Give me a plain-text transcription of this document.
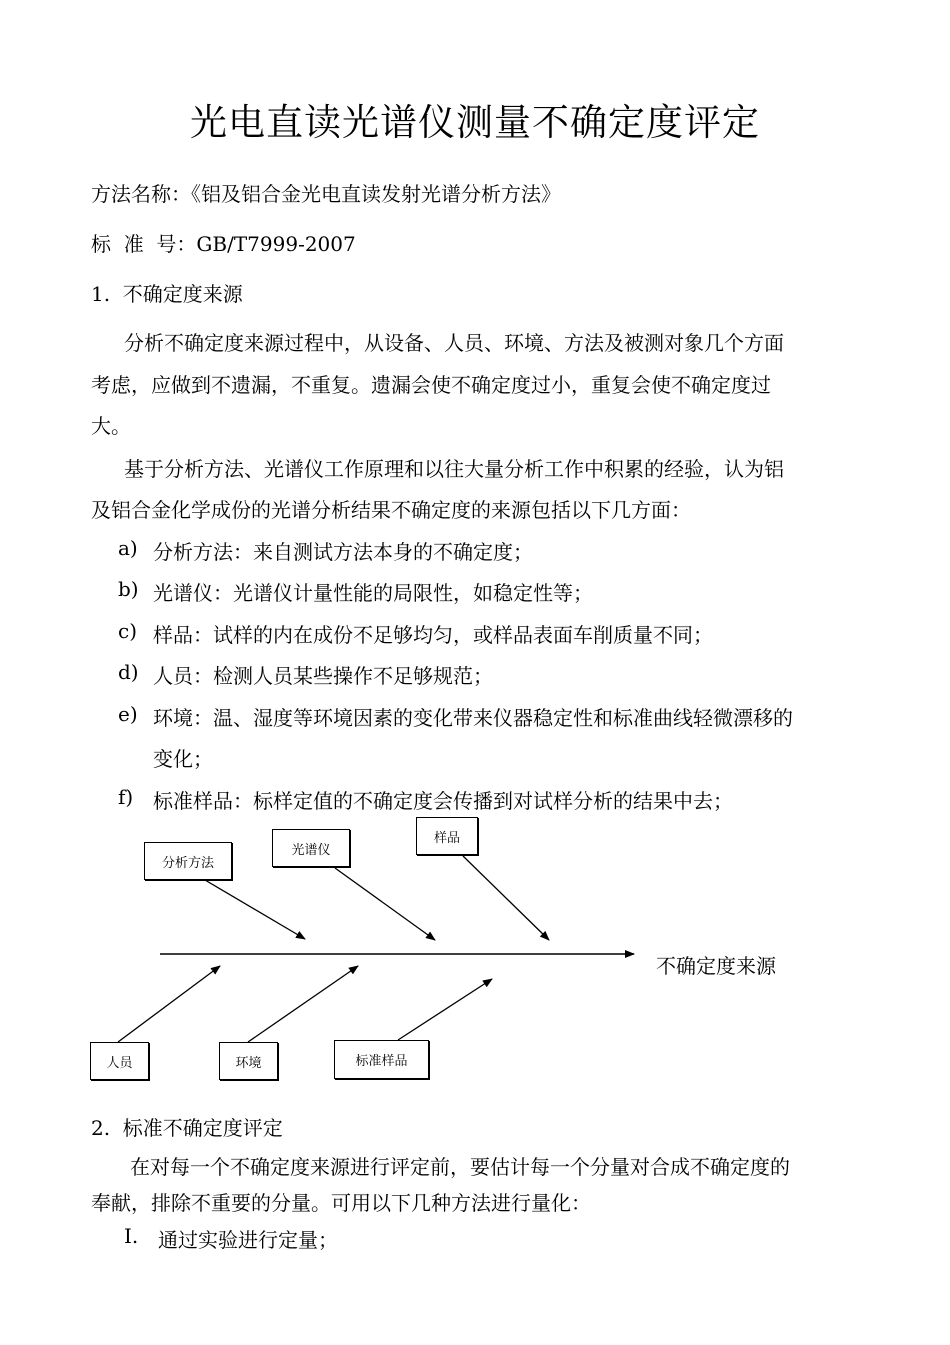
光电直读光谱仪测量不确定度评定
方法名称：《铝及铝合金光电直读发射光谱分析方法》
标  准  号：GB/T7999-2007
1.  不确定度来源
分析不确定度来源过程中，从设备、人员、环境、方法及被测对象几个方面
考虑，应做到不遗漏，不重复。遗漏会使不确定度过小，重复会使不确定度过
大。
基于分析方法、光谱仪工作原理和以往大量分析工作中积累的经验，认为铝
及铝合金化学成份的光谱分析结果不确定度的来源包括以下几方面：
a) 分析方法：来自测试方法本身的不确定度；
b) 光谱仪：光谱仪计量性能的局限性，如稳定性等；
c) 样品：试样的内在成份不足够均匀，或样品表面车削质量不同；
d) 人员：检测人员某些操作不足够规范；
e) 环境：温、湿度等环境因素的变化带来仪器稳定性和标准曲线轻微漂移的
变化；
f) 标准样品：标样定值的不确定度会传播到对试样分析的结果中去；
分析方法
光谱仪
样品
人员	环境	标准样品
不确定度来源
2.  标准不确定度评定
在对每一个不确定度来源进行评定前，要估计每一个分量对合成不确定度的
奉献，排除不重要的分量。可用以下几种方法进行量化：
I. 通过实验进行定量；
